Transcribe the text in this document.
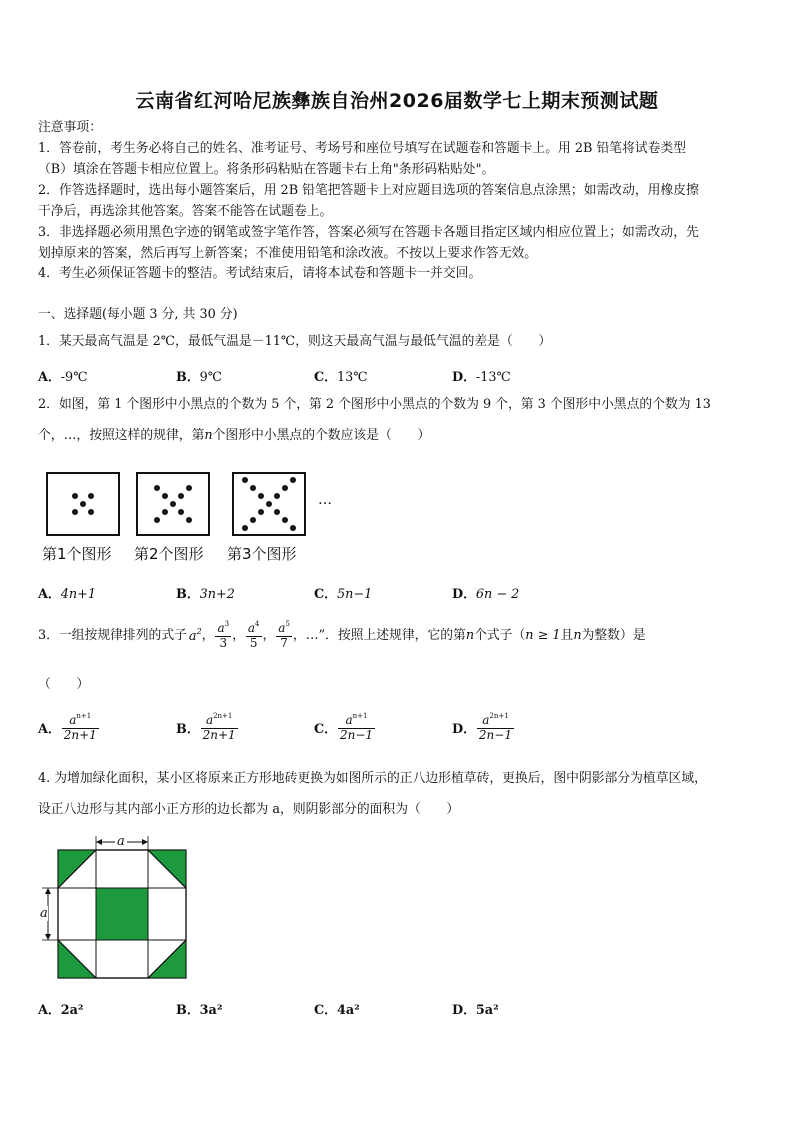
云南省红河哈尼族彝族自治州2026届数学七上期末预测试题
注意事项：
1．答卷前，考生务必将自己的姓名、准考证号、考场号和座位号填写在试题卷和答题卡上。用 2B 铅笔将试卷类型
（B）填涂在答题卡相应位置上。将条形码粘贴在答题卡右上角"条形码粘贴处"。
2．作答选择题时，选出每小题答案后，用 2B 铅笔把答题卡上对应题目选项的答案信息点涂黑；如需改动，用橡皮擦
干净后，再选涂其他答案。答案不能答在试题卷上。
3．非选择题必须用黑色字迹的钢笔或签字笔作答，答案必须写在答题卡各题目指定区域内相应位置上；如需改动，先
划掉原来的答案，然后再写上新答案；不准使用铅笔和涂改液。不按以上要求作答无效。
4．考生必须保证答题卡的整洁。考试结束后，请将本试卷和答题卡一并交回。
一、选择题(每小题 3 分, 共 30 分)
1．某天最高气温是 2℃，最低气温是－11℃，则这天最高气温与最低气温的差是（　　）
A．-9℃	B．9℃	C．13℃	D．-13℃
2．如图，第 1 个图形中小黑点的个数为 5 个，第 2 个图形中小黑点的个数为 9 个，第 3 个图形中小黑点的个数为 13
个，…，按照这样的规律，第n个图形中小黑点的个数应该是（　　）
…
第1个图形 第2个图形 第3个图形
A．4n+1	B．3n+2	C．5n−1	D．6n − 2
3．一组按规律排列的式子 $a^2$ ， $\frac{a^3}{3}$ ， $\frac{a^4}{5}$ ， $\frac{a^5}{7}$ ，…”．按照上述规律，它的第 n 个式子（ n ≥ 1 且 n 为整数）是
（　　）
A． $\frac{a^{n+1}}{2n+1}$	B． $\frac{a^{2n+1}}{2n+1}$	C． $\frac{a^{n+1}}{2n-1}$	D． $\frac{a^{2n+1}}{2n-1}$
4. 为增加绿化面积，某小区将原来正方形地砖更换为如图所示的正八边形植草砖，更换后，图中阴影部分为植草区域，
设正八边形与其内部小正方形的边长都为 a，则阴影部分的面积为（　　）
a
a
A．2a²	B．3a²	C．4a²	D．5a²
